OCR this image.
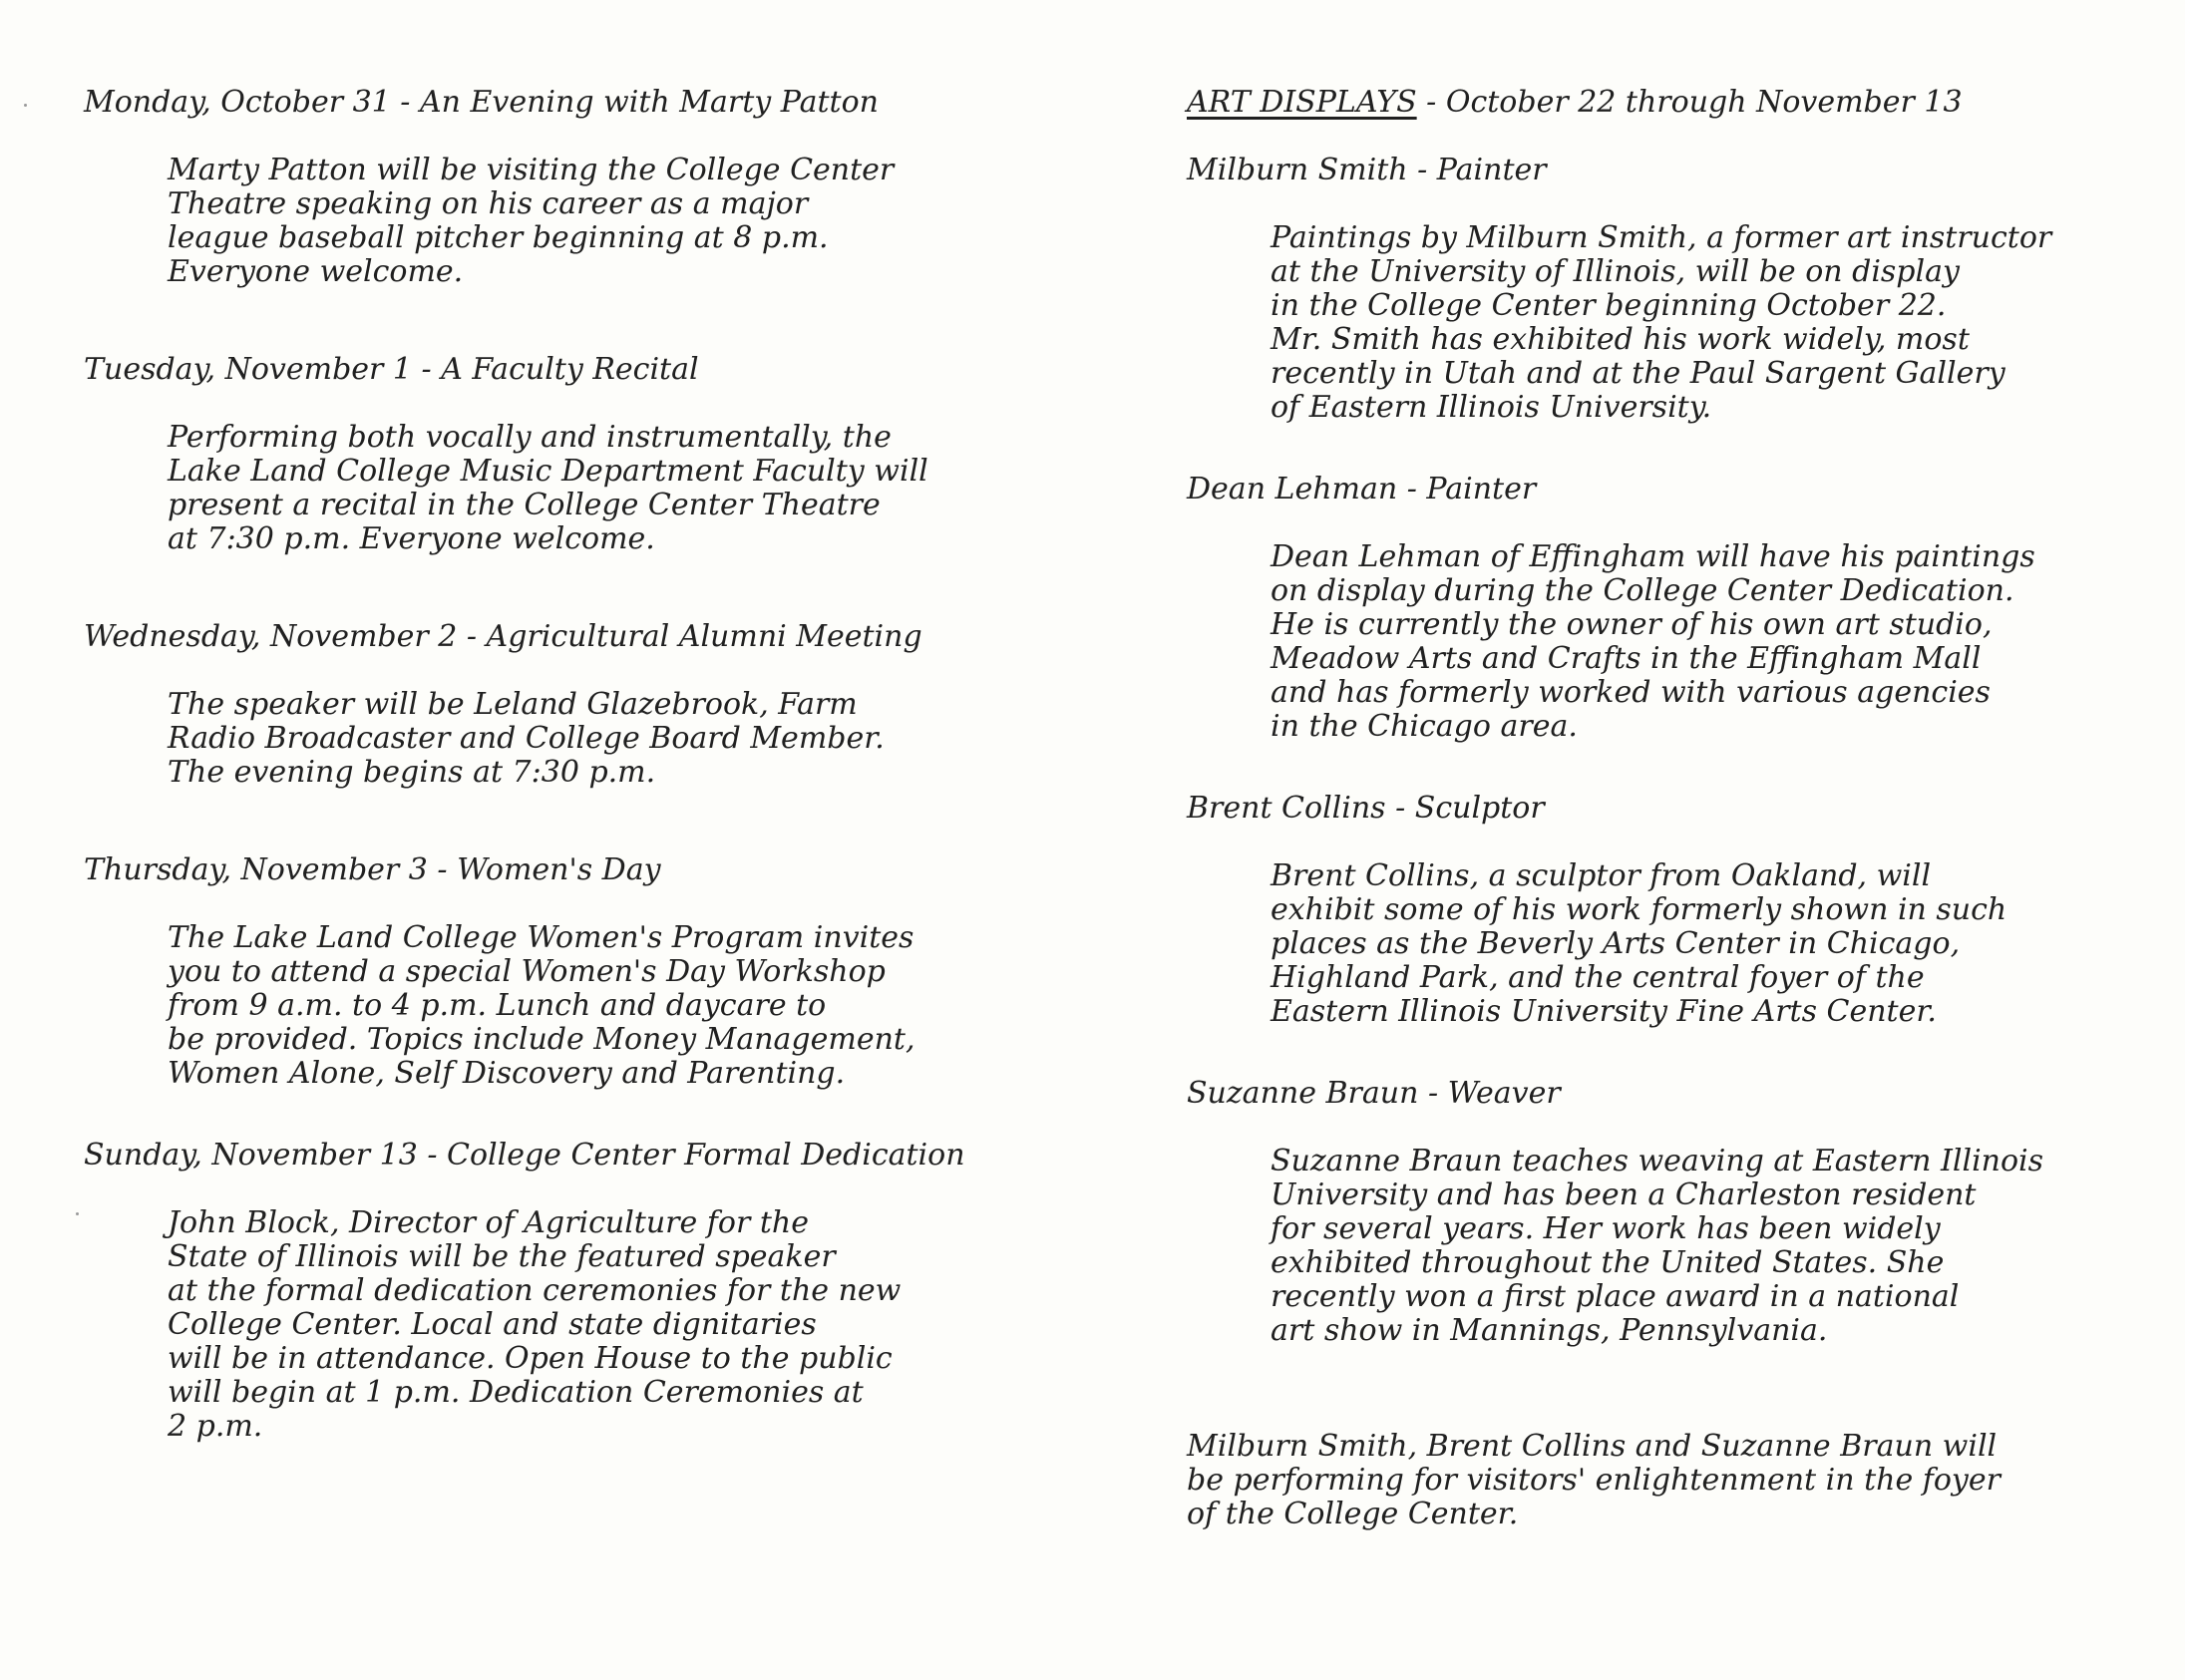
Monday, October 31 - An Evening with Marty Patton

Marty Patton will be visiting the College Center
Theatre speaking on his career as a major
league baseball pitcher beginning at 8 p.m.
Everyone welcome.

Tuesday, November 1 - A Faculty Recital

Performing both vocally and instrumentally, the
Lake Land College Music Department Faculty will
present a recital in the College Center Theatre
at 7:30 p.m. Everyone welcome.

Wednesday, November 2 - Agricultural Alumni Meeting

The speaker will be Leland Glazebrook, Farm
Radio Broadcaster and College Board Member.
The evening begins at 7:30 p.m.

Thursday, November 3 - Women's Day

The Lake Land College Women's Program invites
you to attend a special Women's Day Workshop
from 9 a.m. to 4 p.m. Lunch and daycare to
be provided. Topics include Money Management,
Women Alone, Self Discovery and Parenting.

Sunday, November 13 - College Center Formal Dedication

John Block, Director of Agriculture for the
State of Illinois will be the featured speaker
at the formal dedication ceremonies for the new
College Center. Local and state dignitaries
will be in attendance. Open House to the public
will begin at 1 p.m. Dedication Ceremonies at
2 p.m.

ART DISPLAYS - October 22 through November 13

Milburn Smith - Painter

Paintings by Milburn Smith, a former art instructor
at the University of Illinois, will be on display
in the College Center beginning October 22.
Mr. Smith has exhibited his work widely, most
recently in Utah and at the Paul Sargent Gallery
of Eastern Illinois University.

Dean Lehman - Painter

Dean Lehman of Effingham will have his paintings
on display during the College Center Dedication.
He is currently the owner of his own art studio,
Meadow Arts and Crafts in the Effingham Mall
and has formerly worked with various agencies
in the Chicago area.

Brent Collins - Sculptor

Brent Collins, a sculptor from Oakland, will
exhibit some of his work formerly shown in such
places as the Beverly Arts Center in Chicago,
Highland Park, and the central foyer of the
Eastern Illinois University Fine Arts Center.

Suzanne Braun - Weaver

Suzanne Braun teaches weaving at Eastern Illinois
University and has been a Charleston resident
for several years. Her work has been widely
exhibited throughout the United States. She
recently won a first place award in a national
art show in Mannings, Pennsylvania.
Milburn Smith, Brent Collins and Suzanne Braun will
be performing for visitors' enlightenment in the foyer
of the College Center.
